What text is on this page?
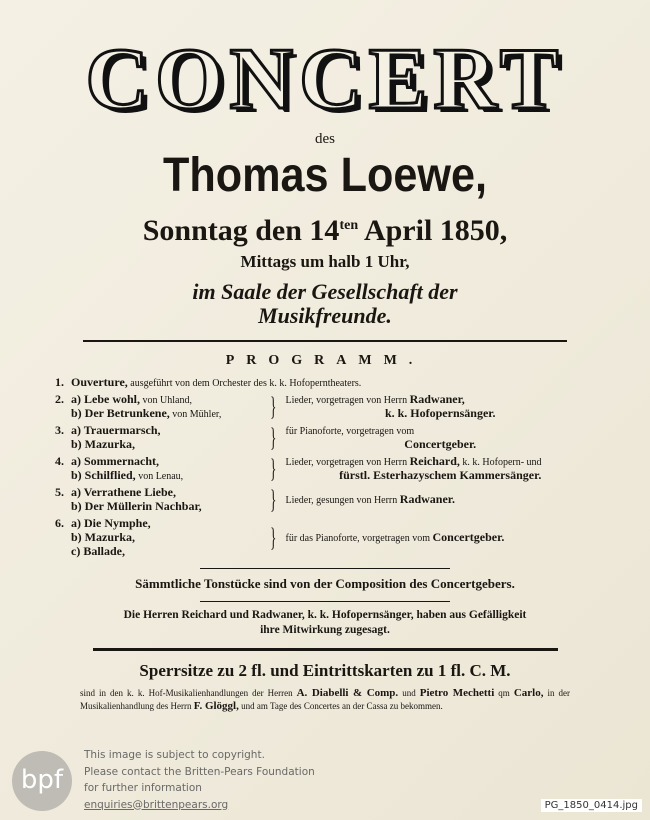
CONCERT
des
Thomas Loewe,
Sonntag den $14^{ten}$ April 1850,
Mittags um halb 1 Uhr,
im Saale der Gesellschaft der
Musikfreunde.
PROGRAMM.
1. Ouverture, ausgeführt von dem Orchester des k. k. Hofoperntheaters.
2. a) Lebe wohl, von Uhland,
b) Der Betrunkene, von Mühler,	} Lieder, vorgetragen von Herrn Radwaner,
k. k. Hofopernsänger.
3. a) Trauermarsch,
b) Mazurka,	} für Pianoforte, vorgetragen vom
Concertgeber.
4. a) Sommernacht,
b) Schilflied, von Lenau,	} Lieder, vorgetragen von Herrn Reichard, k. k. Hofopern- und
fürstl. Esterhazyschem Kammersänger.
5. a) Verrathene Liebe,
b) Der Müllerin Nachbar,	} Lieder, gesungen von Herrn Radwaner.
6. a) Die Nymphe,
b) Mazurka,
c) Ballade,	} für das Pianoforte, vorgetragen vom Concertgeber.
Sämmtliche Tonstücke sind von der Composition des Concertgebers.
Die Herren Reichard und Radwaner, k. k. Hofopernsänger, haben aus Gefälligkeit
ihre Mitwirkung zugesagt.
Sperrsitze zu 2 fl. und Eintrittskarten zu 1 fl. C. M.
sind in den k. k. Hof-Musikalienhandlungen der Herren A. Diabelli & Comp. und Pietro Mechetti qm Carlo, in der Musikalienhandlung des Herrn F. Glöggl, und am Tage des Concertes an der Cassa zu bekommen.
bpf
This image is subject to copyright.
Please contact the Britten-Pears Foundation
for further information
enquiries@brittenpears.org	PG_1850_0414.jpg
